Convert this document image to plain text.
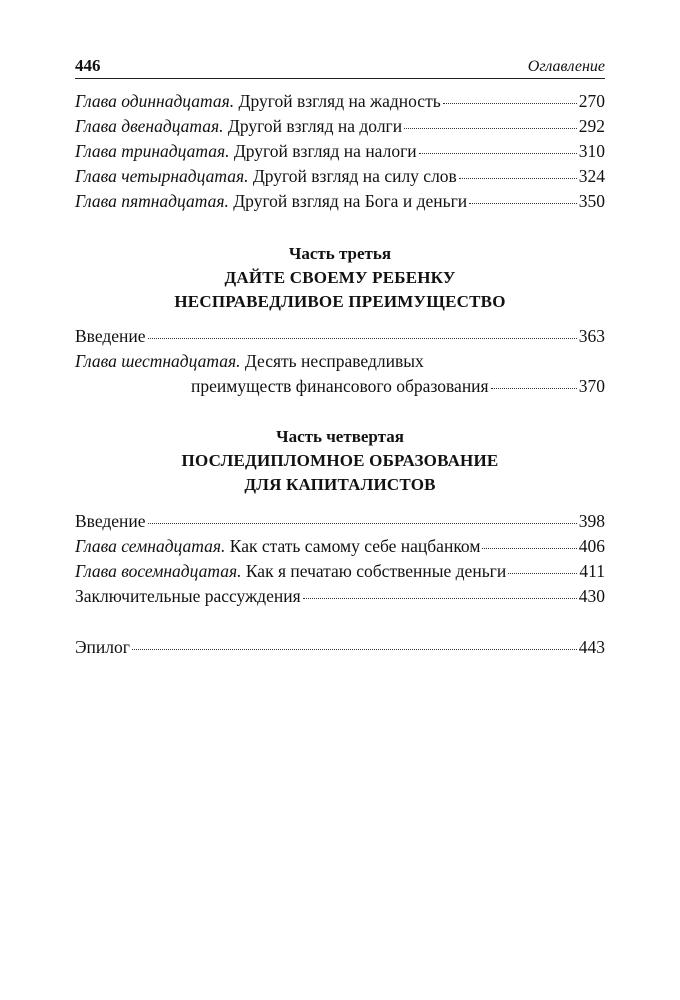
446	Оглавление
Глава одиннадцатая.
Другой взгляд на жадность	270
Глава двенадцатая.
Другой взгляд на долги	292
Глава тринадцатая.
Другой взгляд на налоги	310
Глава четырнадцатая.
Другой взгляд на силу слов	324
Глава пятнадцатая.
Другой взгляд на Бога и деньги	350
Часть третья
ДАЙТЕ СВОЕМУ РЕБЕНКУ
НЕСПРАВЕДЛИВОЕ ПРЕИМУЩЕСТВО
Введение	363
Глава шестнадцатая. Десять несправедливых
преимуществ финансового образования	370
Часть четвертая
ПОСЛЕДИПЛОМНОЕ ОБРАЗОВАНИЕ
ДЛЯ КАПИТАЛИСТОВ
Введение	398
Глава семнадцатая.
Как стать самому себе нацбанком	406
Глава восемнадцатая.
Как я печатаю собственные деньги	411
Заключительные рассуждения	430
Эпилог	443
